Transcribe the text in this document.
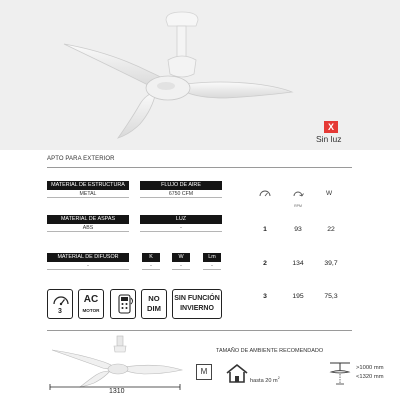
X
Sin luz
APTO PARA EXTERIOR
MATERIAL DE ESTRUCTURA
METAL
FLUJO DE AIRE
6750 CFM
MATERIAL DE ASPAS
ABS
LUZ
-
MATERIAL DE DIFUSOR
-
K
-
W
-
Lm
-
3
AC
MOTOR
NO
DIM
SIN FUNCIÓN
INVIERNO
RPM
W
1	93	22
2	134	39,7
3	195	75,3
1310
TAMAÑO DE AMBIENTE RECOMENDADO
M
hasta 20 $m^2$
>1000 mm
<1320 mm
